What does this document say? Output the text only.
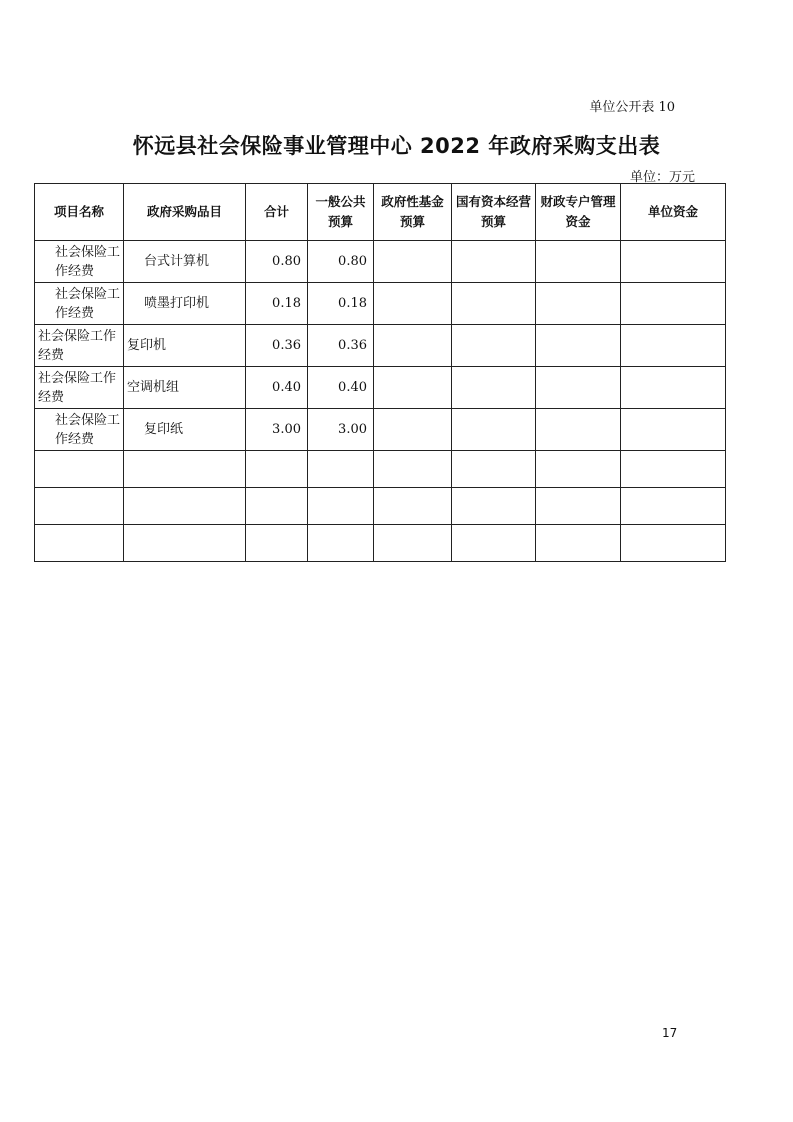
单位公开表 10
怀远县社会保险事业管理中心 2022 年政府采购支出表
单位：万元
项目名称	政府采购品目	合计	一般公共预算	政府性基金预算	国有资本经营预算	财政专户管理资金	单位资金
社会保险工作经费	台式计算机	0.80	0.80				
社会保险工作经费	喷墨打印机	0.18	0.18				
社会保险工作经费	复印机	0.36	0.36				
社会保险工作经费	空调机组	0.40	0.40				
社会保险工作经费	复印纸	3.00	3.00				

17
